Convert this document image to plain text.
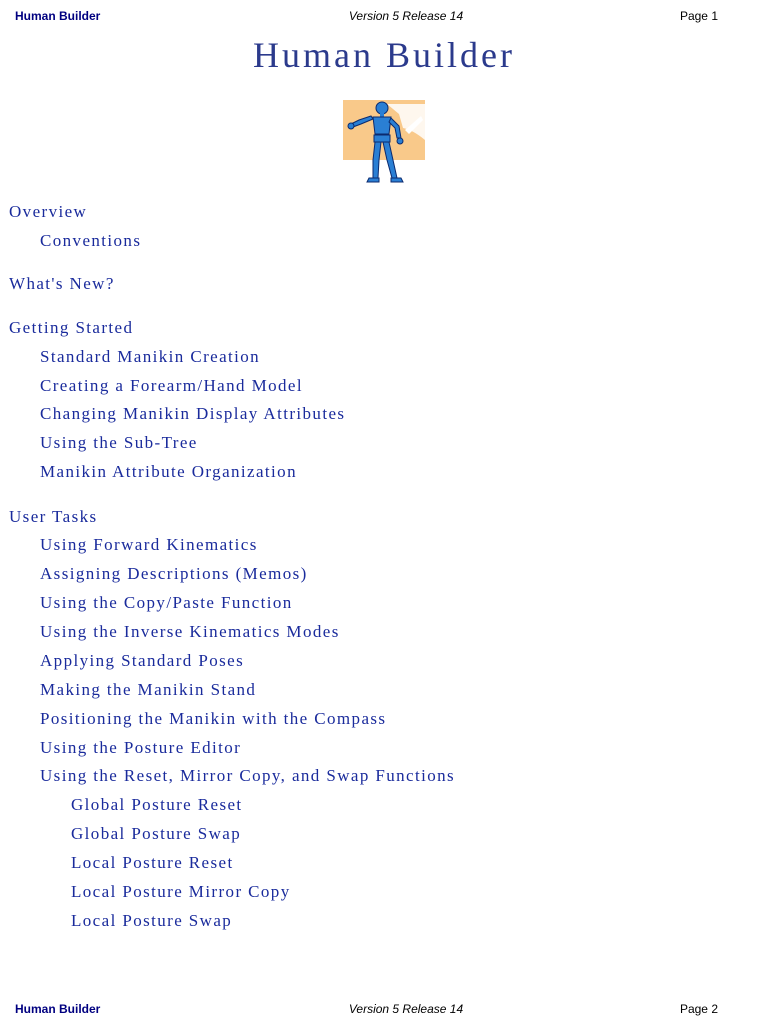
Human Builder	Version 5 Release 14	Page 1
Human Builder
Overview
Conventions
What's New?
Getting Started
Standard Manikin Creation
Creating a Forearm/Hand Model
Changing Manikin Display Attributes
Using the Sub-Tree
Manikin Attribute Organization
User Tasks
Using Forward Kinematics
Assigning Descriptions (Memos)
Using the Copy/Paste Function
Using the Inverse Kinematics Modes
Applying Standard Poses
Making the Manikin Stand
Positioning the Manikin with the Compass
Using the Posture Editor
Using the Reset, Mirror Copy, and Swap Functions
Global Posture Reset
Global Posture Swap
Local Posture Reset
Local Posture Mirror Copy
Local Posture Swap
Human Builder	Version 5 Release 14	Page 2
